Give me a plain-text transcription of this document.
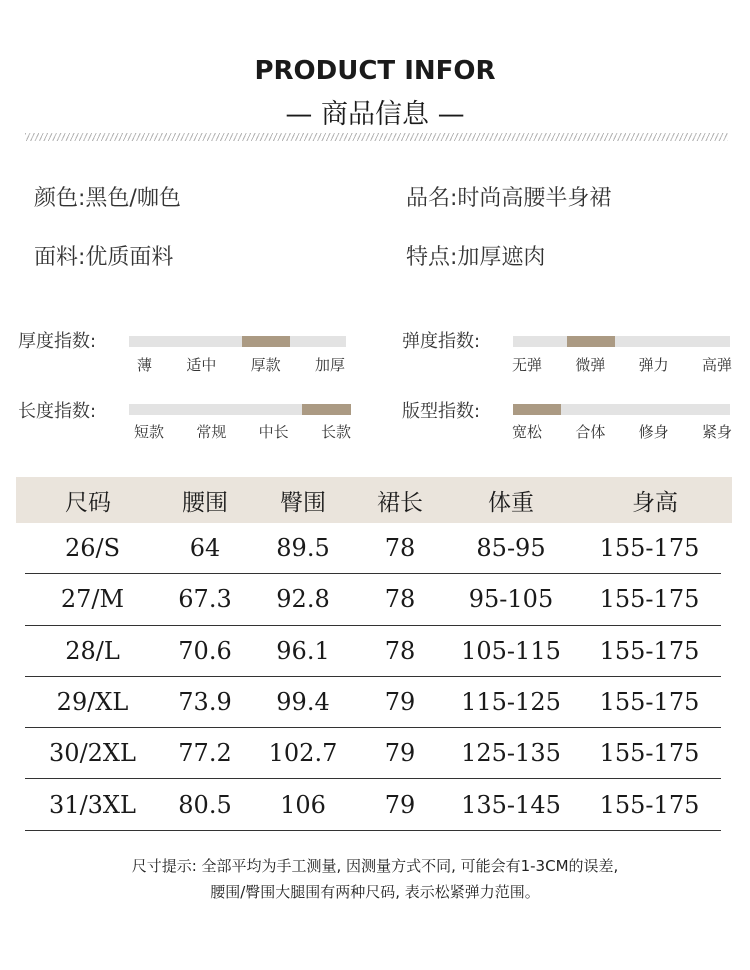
PRODUCT INFOR
— 商品信息 —
颜色:黑色/咖色	品名:时尚高腰半身裙
面料:优质面料	特点:加厚遮肉
厚度指数:
薄 适中 厚款 加厚
弹度指数:
无弹 微弹 弹力 高弹
长度指数:
短款 常规 中长 长款
版型指数:
宽松 合体 修身 紧身
尺码	腰围	臀围	裙长	体重	身高
26/S	64	89.5	78	85-95	155-175
27/M	67.3	92.8	78	95-105	155-175
28/L	70.6	96.1	78	105-115	155-175
29/XL	73.9	99.4	79	115-125	155-175
30/2XL	77.2	102.7	79	125-135	155-175
31/3XL	80.5	106	79	135-145	155-175
尺寸提示: 全部平均为手工测量, 因测量方式不同, 可能会有1-3CM的误差,
腰围/臀围大腿围有两种尺码, 表示松紧弹力范围。
